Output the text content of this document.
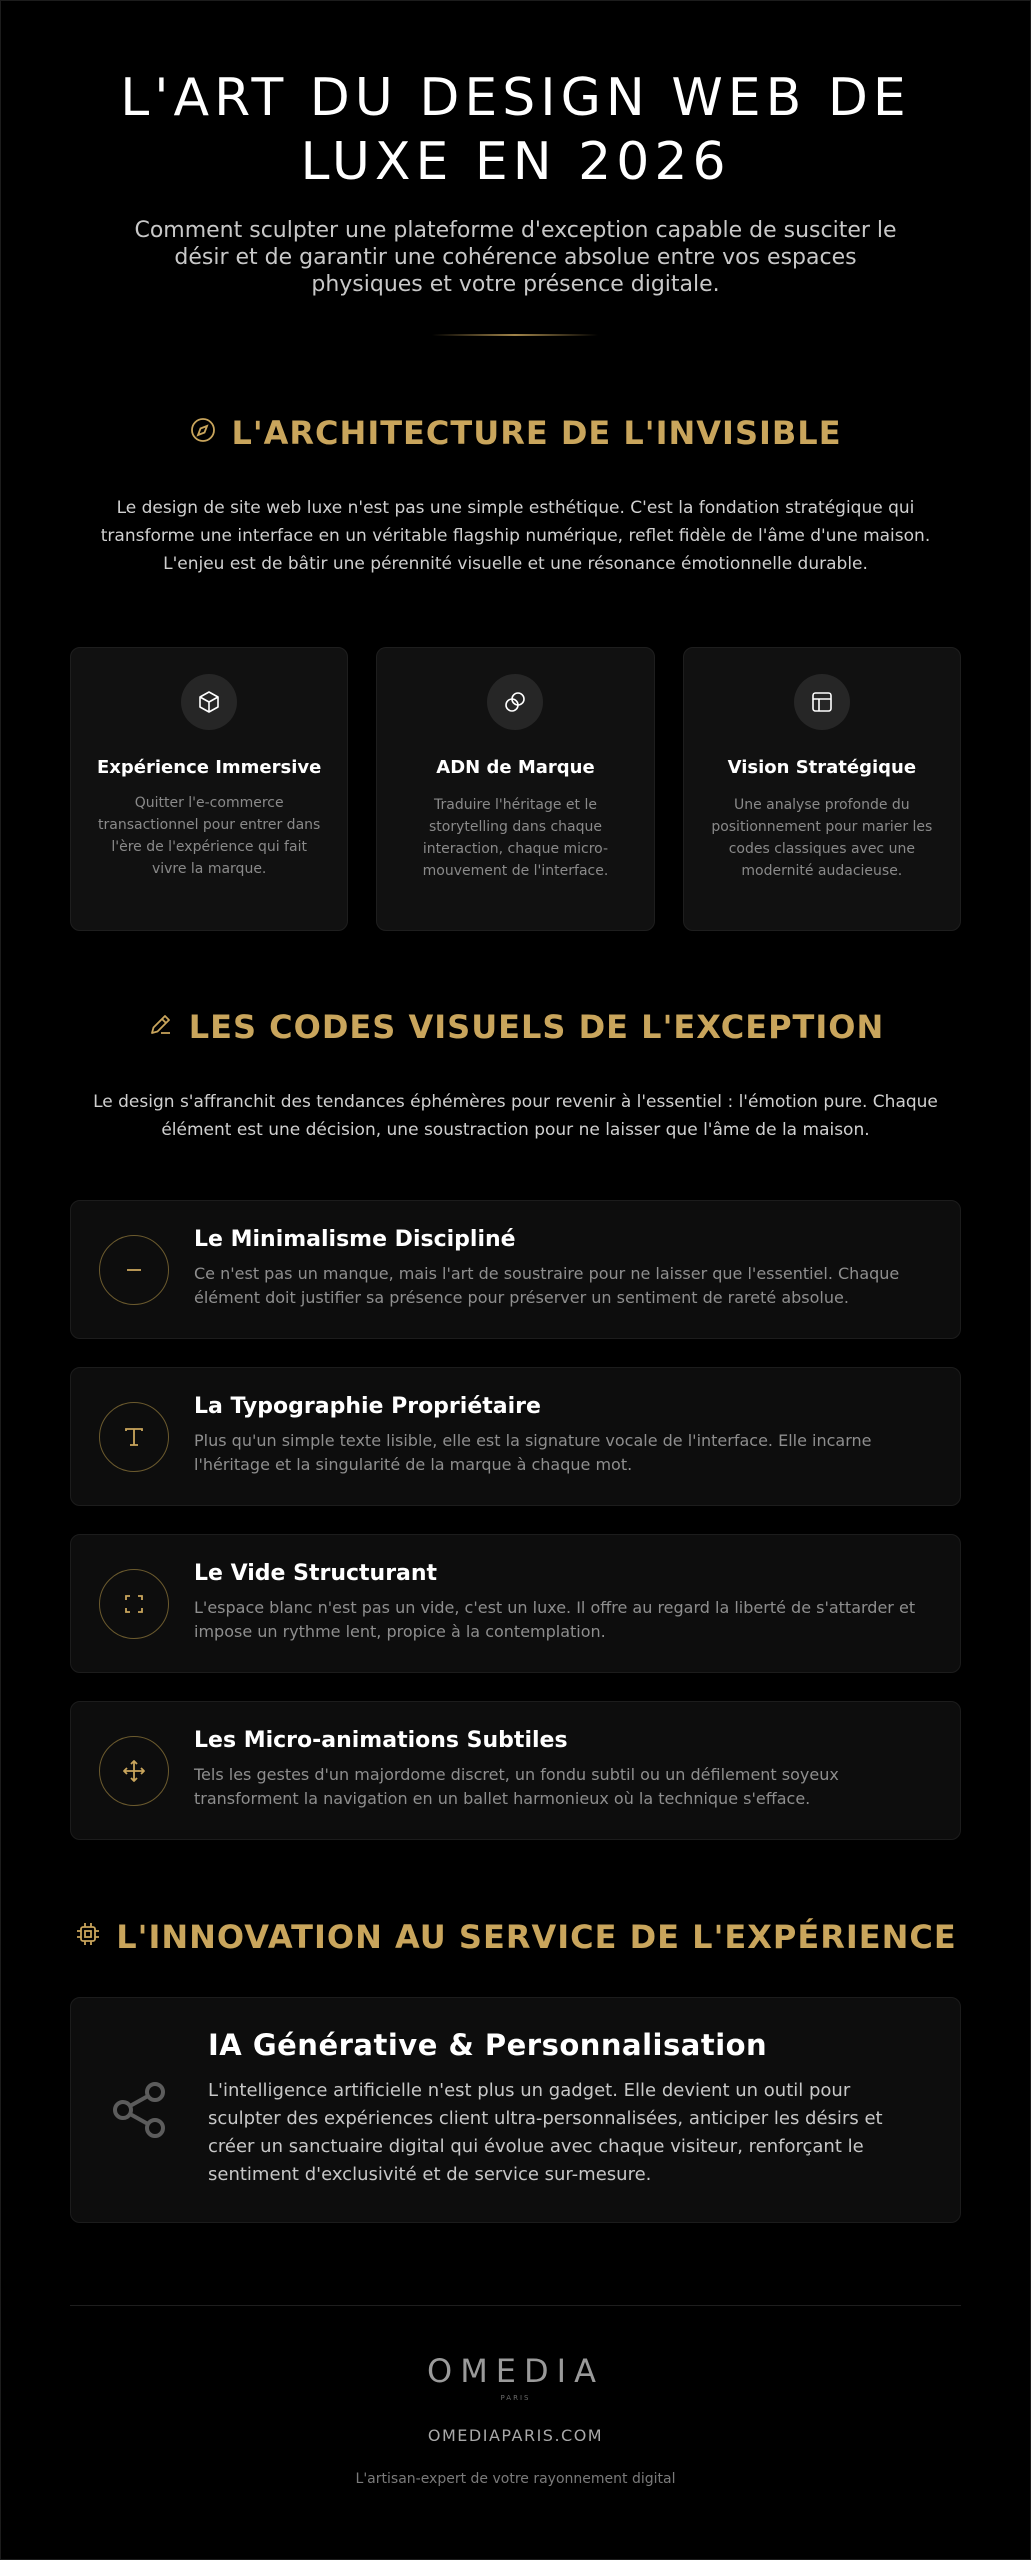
L'ART DU DESIGN WEB DE LUXE EN 2026

Comment sculpter une plateforme d'exception capable de susciter le désir et de garantir une cohérence absolue entre vos espaces physiques et votre présence digitale.

L'ARCHITECTURE DE L'INVISIBLE

Le design de site web luxe n'est pas une simple esthétique. C'est la fondation stratégique qui transforme une interface en un véritable flagship numérique, reflet fidèle de l'âme d'une maison. L'enjeu est de bâtir une pérennité visuelle et une résonance émotionnelle durable.

Expérience Immersive

Quitter l'e-commerce transactionnel pour entrer dans l'ère de l'expérience qui fait vivre la marque.

ADN de Marque

Traduire l'héritage et le storytelling dans chaque interaction, chaque micro-mouvement de l'interface.

Vision Stratégique

Une analyse profonde du positionnement pour marier les codes classiques avec une modernité audacieuse.

LES CODES VISUELS DE L'EXCEPTION

Le design s'affranchit des tendances éphémères pour revenir à l'essentiel : l'émotion pure. Chaque élément est une décision, une soustraction pour ne laisser que l'âme de la maison.

Le Minimalisme Discipliné

Ce n'est pas un manque, mais l'art de soustraire pour ne laisser que l'essentiel. Chaque élément doit justifier sa présence pour préserver un sentiment de rareté absolue.

La Typographie Propriétaire

Plus qu'un simple texte lisible, elle est la signature vocale de l'interface. Elle incarne l'héritage et la singularité de la marque à chaque mot.

Le Vide Structurant

L'espace blanc n'est pas un vide, c'est un luxe. Il offre au regard la liberté de s'attarder et impose un rythme lent, propice à la contemplation.

Les Micro-animations Subtiles

Tels les gestes d'un majordome discret, un fondu subtil ou un défilement soyeux transforment la navigation en un ballet harmonieux où la technique s'efface.

L'INNOVATION AU SERVICE DE L'EXPÉRIENCE
IA Générative & Personnalisation

L'intelligence artificielle n'est plus un gadget. Elle devient un outil pour sculpter des expériences client ultra-personnalisées, anticiper les désirs et créer un sanctuaire digital qui évolue avec chaque visiteur, renforçant le sentiment d'exclusivité et de service sur-mesure.

OMEDIA
PARIS
OMEDIAPARIS.COM
L'artisan-expert de votre rayonnement digital
